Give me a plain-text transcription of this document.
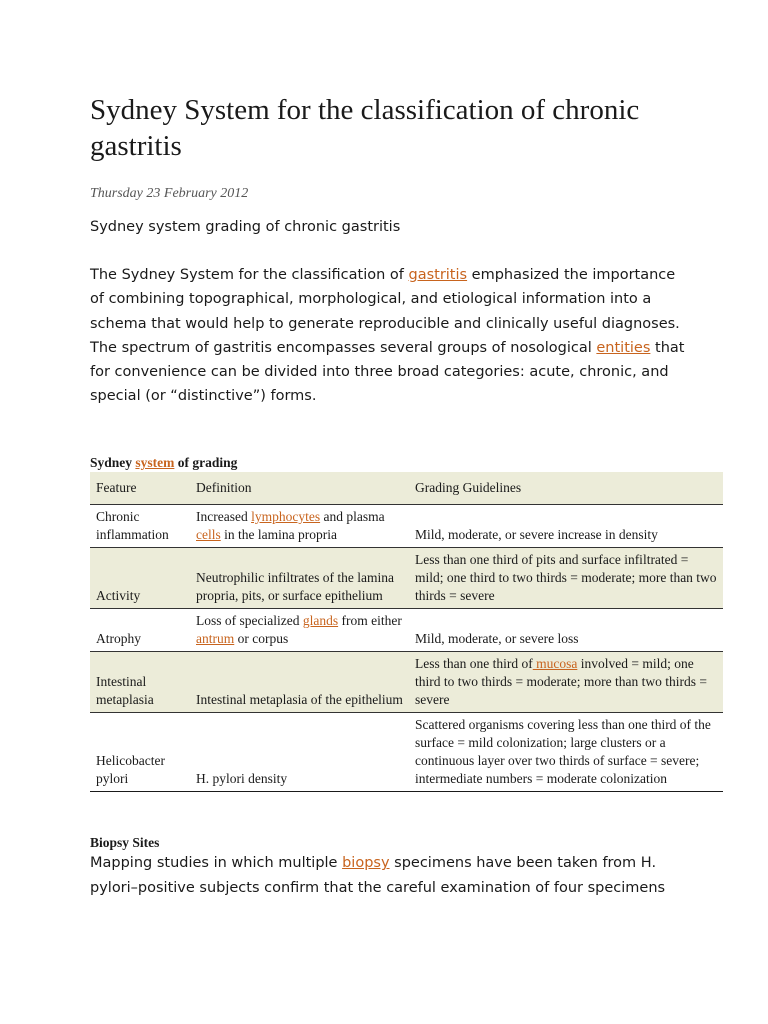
Sydney System for the classification of chronic gastritis
Thursday 23 February 2012
Sydney system grading of chronic gastritis

The Sydney System for the classification of gastritis emphasized the importance of combining topographical, morphological, and etiological information into a schema that would help to generate reproducible and clinically useful diagnoses.

The spectrum of gastritis encompasses several groups of nosological entities that for convenience can be divided into three broad categories: acute, chronic, and special (or “distinctive”) forms.

Sydney system of grading
Feature	Definition	Grading Guidelines
Chronic inflammation	Increased lymphocytes and plasma cells in the lamina propria	Mild, moderate, or severe increase in density
Activity	Neutrophilic infiltrates of the lamina propria, pits, or surface epithelium	Less than one third of pits and surface infiltrated = mild; one third to two thirds = moderate; more than two thirds = severe
Atrophy	Loss of specialized glands from either antrum or corpus	Mild, moderate, or severe loss
Intestinal metaplasia	Intestinal metaplasia of the epithelium	Less than one third of mucosa involved = mild; one third to two thirds = moderate; more than two thirds = severe
Helicobacter pylori	H. pylori density	Scattered organisms covering less than one third of the surface = mild colonization; large clusters or a continuous layer over two thirds of surface = severe; intermediate numbers = moderate colonization
Biopsy Sites

Mapping studies in which multiple biopsy specimens have been taken from H. pylori–positive subjects confirm that the careful examination of four specimens
